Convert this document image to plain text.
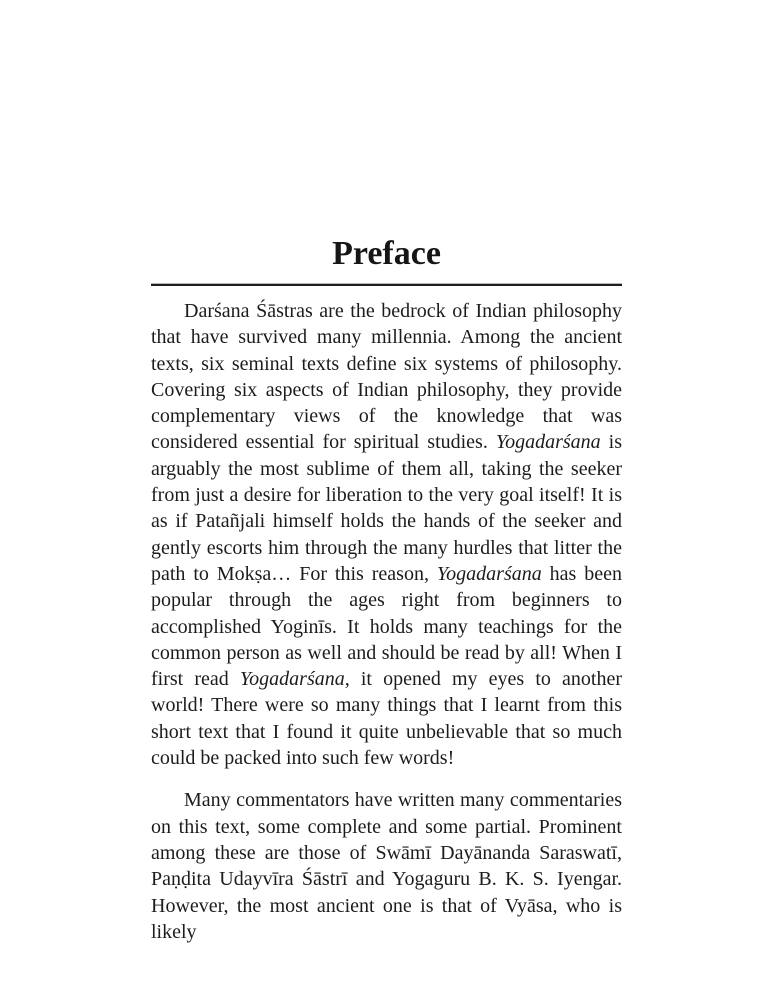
Preface

Darśana Śāstras are the bedrock of Indian philosophy that have survived many millennia. Among the ancient texts, six seminal texts define six systems of philosophy. Covering six aspects of Indian philosophy, they provide complementary views of the knowledge that was considered essential for spiritual studies. Yogadarśana is arguably the most sublime of them all, taking the seeker from just a desire for liberation to the very goal itself! It is as if Patañjali himself holds the hands of the seeker and gently escorts him through the many hurdles that litter the path to Mokṣa… For this reason, Yogadarśana has been popular through the ages right from beginners to accomplished Yoginīs. It holds many teachings for the common person as well and should be read by all! When I first read Yogadarśana, it opened my eyes to another world! There were so many things that I learnt from this short text that I found it quite unbelievable that so much could be packed into such few words!

Many commentators have written many commentaries on this text, some complete and some partial. Prominent among these are those of Swāmī Dayānanda Saraswatī, Paṇḍita Udayvīra Śāstrī and Yogaguru B. K. S. Iyengar. However, the most ancient one is that of Vyāsa, who is likely
